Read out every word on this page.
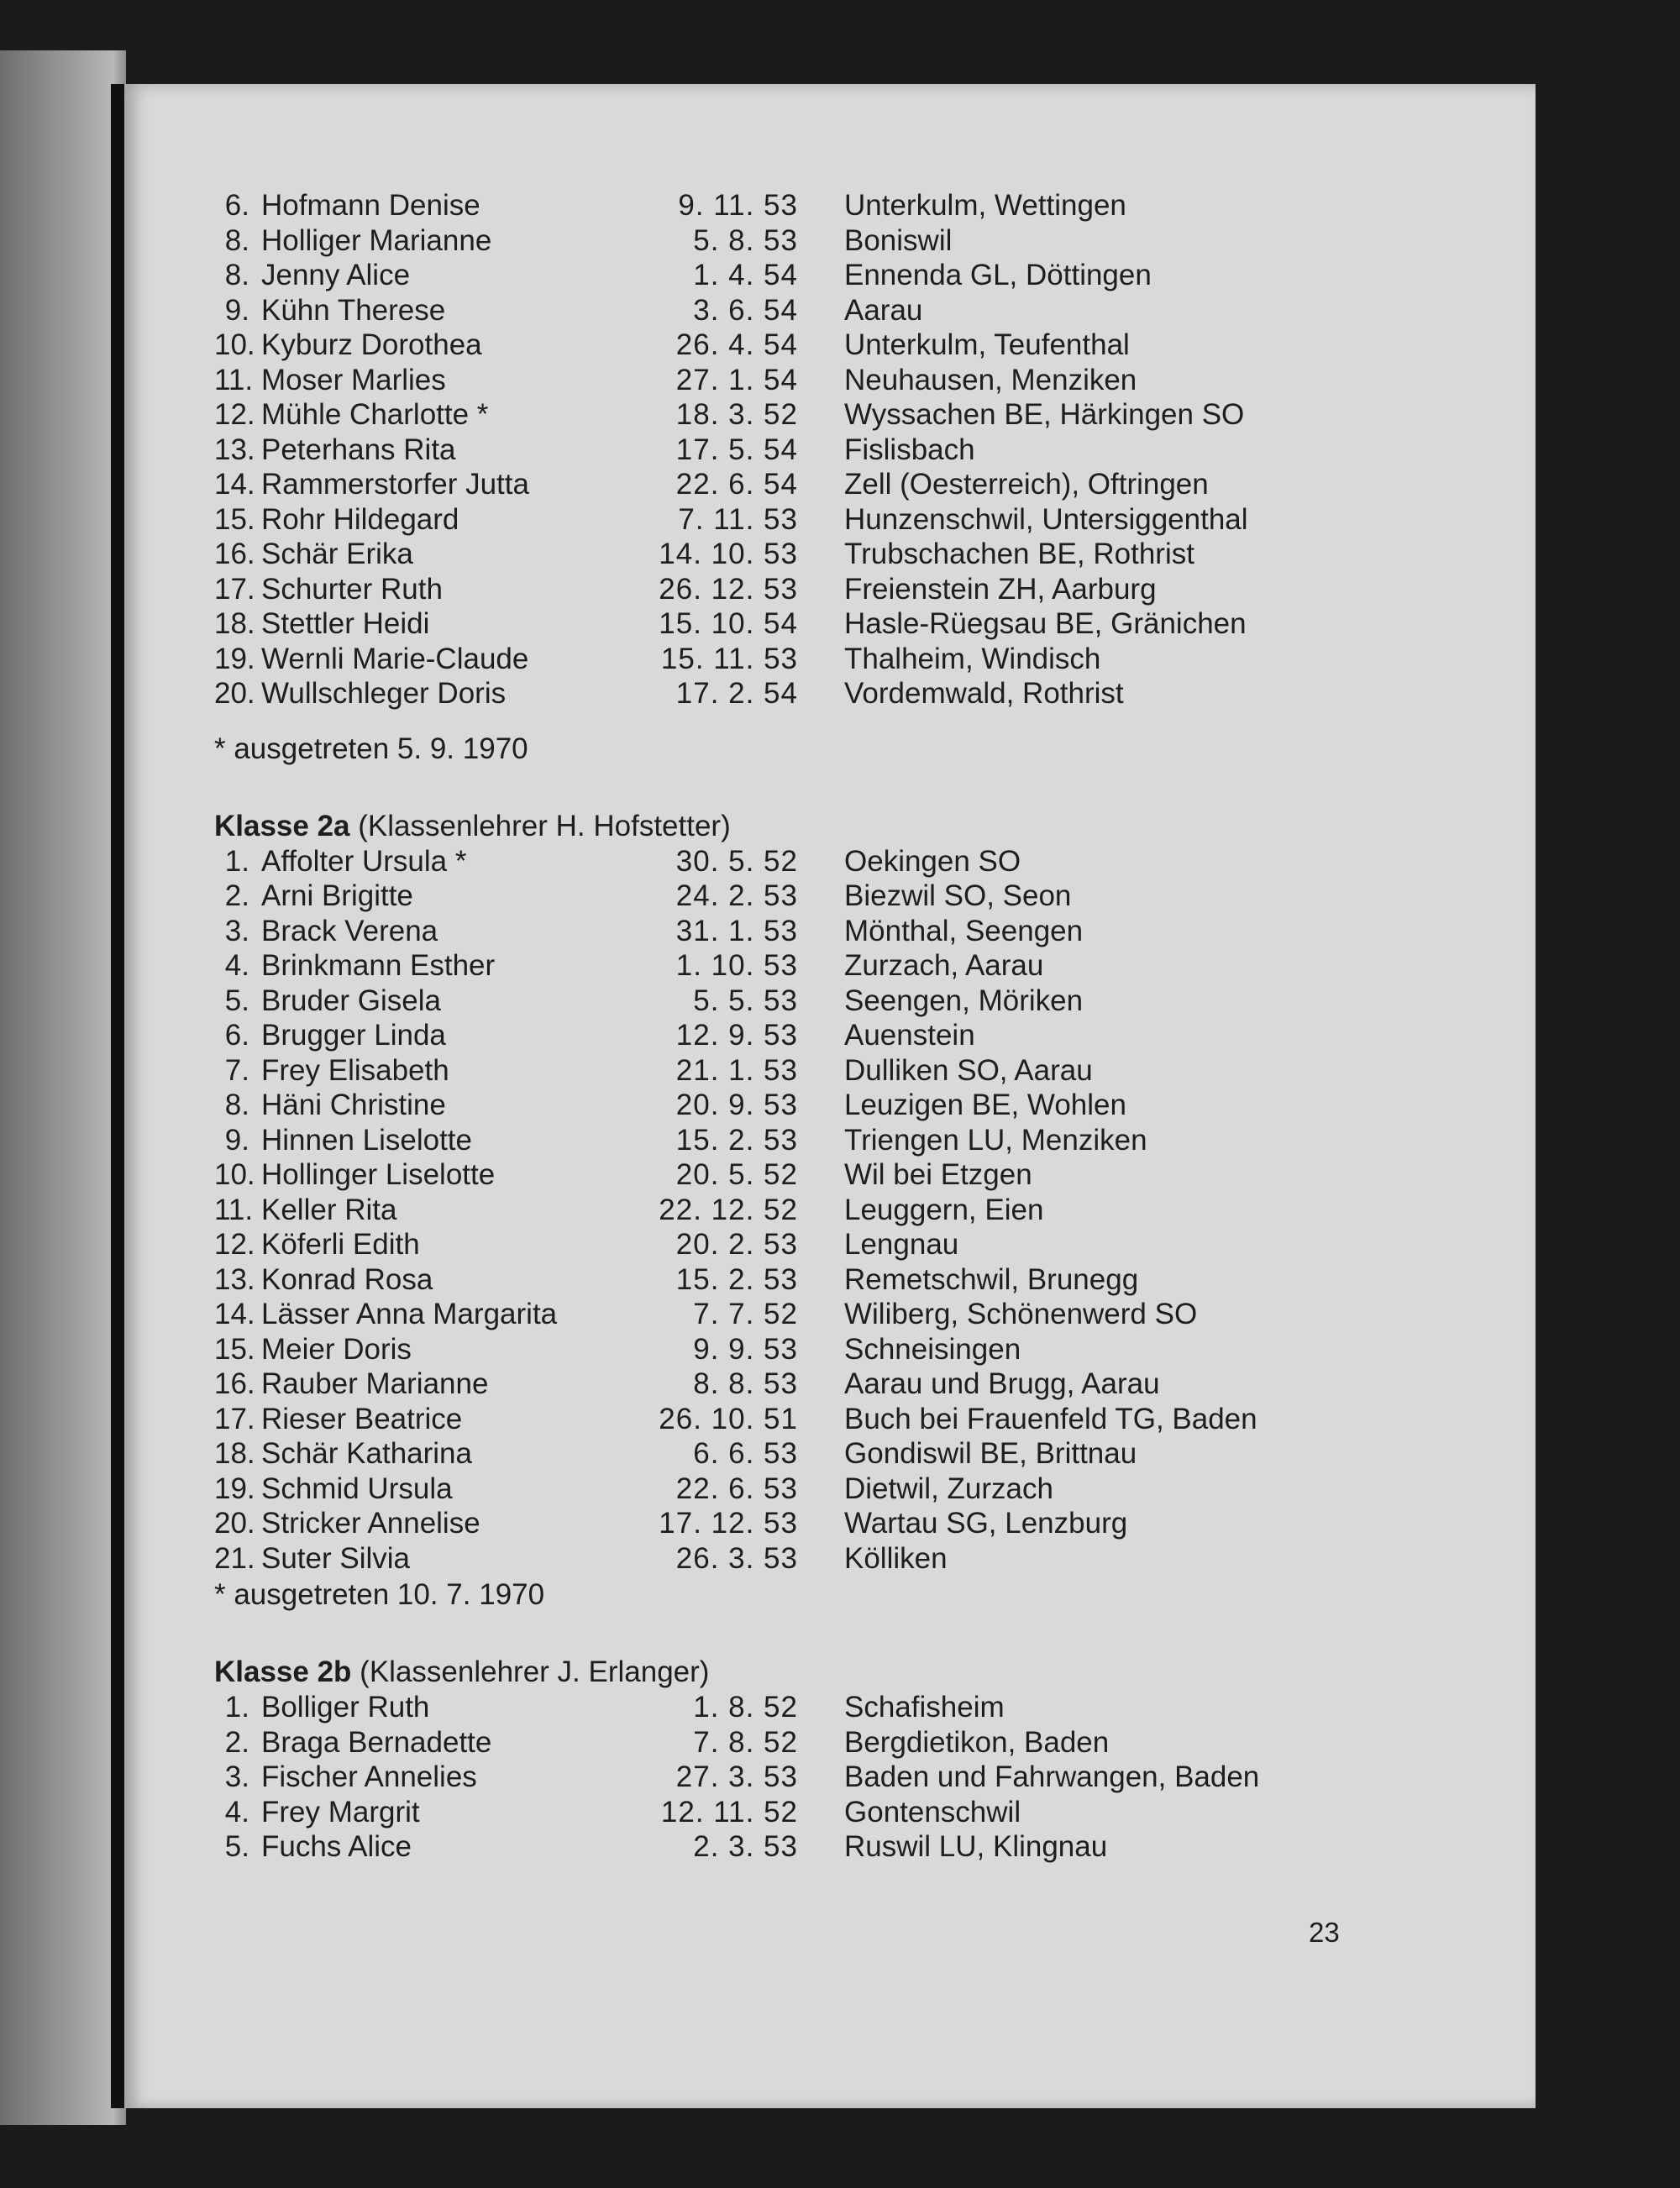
6. Hofmann Denise	9. 11. 53 Unterkulm, Wettingen
8. Holliger Marianne	5. 8. 53 Boniswil
8. Jenny Alice	1. 4. 54 Ennenda GL, Döttingen
9. Kühn Therese	3. 6. 54 Aarau
10. Kyburz Dorothea	26. 4. 54 Unterkulm, Teufenthal
11. Moser Marlies	27. 1. 54 Neuhausen, Menziken
12. Mühle Charlotte *	18. 3. 52 Wyssachen BE, Härkingen SO
13. Peterhans Rita	17. 5. 54 Fislisbach
14. Rammerstorfer Jutta	22. 6. 54 Zell (Oesterreich), Oftringen
15. Rohr Hildegard	7. 11. 53 Hunzenschwil, Untersiggenthal
16. Schär Erika	14. 10. 53 Trubschachen BE, Rothrist
17. Schurter Ruth	26. 12. 53 Freienstein ZH, Aarburg
18. Stettler Heidi	15. 10. 54 Hasle-Rüegsau BE, Gränichen
19. Wernli Marie-Claude	15. 11. 53 Thalheim, Windisch
20. Wullschleger Doris	17. 2. 54 Vordemwald, Rothrist
* ausgetreten 5. 9. 1970
Klasse 2a (Klassenlehrer H. Hofstetter)
1. Affolter Ursula *	30. 5. 52 Oekingen SO
2. Arni Brigitte	24. 2. 53 Biezwil SO, Seon
3. Brack Verena	31. 1. 53 Mönthal, Seengen
4. Brinkmann Esther	1. 10. 53 Zurzach, Aarau
5. Bruder Gisela	5. 5. 53 Seengen, Möriken
6. Brugger Linda	12. 9. 53 Auenstein
7. Frey Elisabeth	21. 1. 53 Dulliken SO, Aarau
8. Häni Christine	20. 9. 53 Leuzigen BE, Wohlen
9. Hinnen Liselotte	15. 2. 53 Triengen LU, Menziken
10. Hollinger Liselotte	20. 5. 52 Wil bei Etzgen
11. Keller Rita	22. 12. 52 Leuggern, Eien
12. Köferli Edith	20. 2. 53 Lengnau
13. Konrad Rosa	15. 2. 53 Remetschwil, Brunegg
14. Lässer Anna Margarita	7. 7. 52 Wiliberg, Schönenwerd SO
15. Meier Doris	9. 9. 53 Schneisingen
16. Rauber Marianne	8. 8. 53 Aarau und Brugg, Aarau
17. Rieser Beatrice	26. 10. 51 Buch bei Frauenfeld TG, Baden
18. Schär Katharina	6. 6. 53 Gondiswil BE, Brittnau
19. Schmid Ursula	22. 6. 53 Dietwil, Zurzach
20. Stricker Annelise	17. 12. 53 Wartau SG, Lenzburg
21. Suter Silvia	26. 3. 53 Kölliken
* ausgetreten 10. 7. 1970
Klasse 2b (Klassenlehrer J. Erlanger)
1. Bolliger Ruth	1. 8. 52 Schafisheim
2. Braga Bernadette	7. 8. 52 Bergdietikon, Baden
3. Fischer Annelies	27. 3. 53 Baden und Fahrwangen, Baden
4. Frey Margrit	12. 11. 52 Gontenschwil
5. Fuchs Alice	2. 3. 53 Ruswil LU, Klingnau
23
